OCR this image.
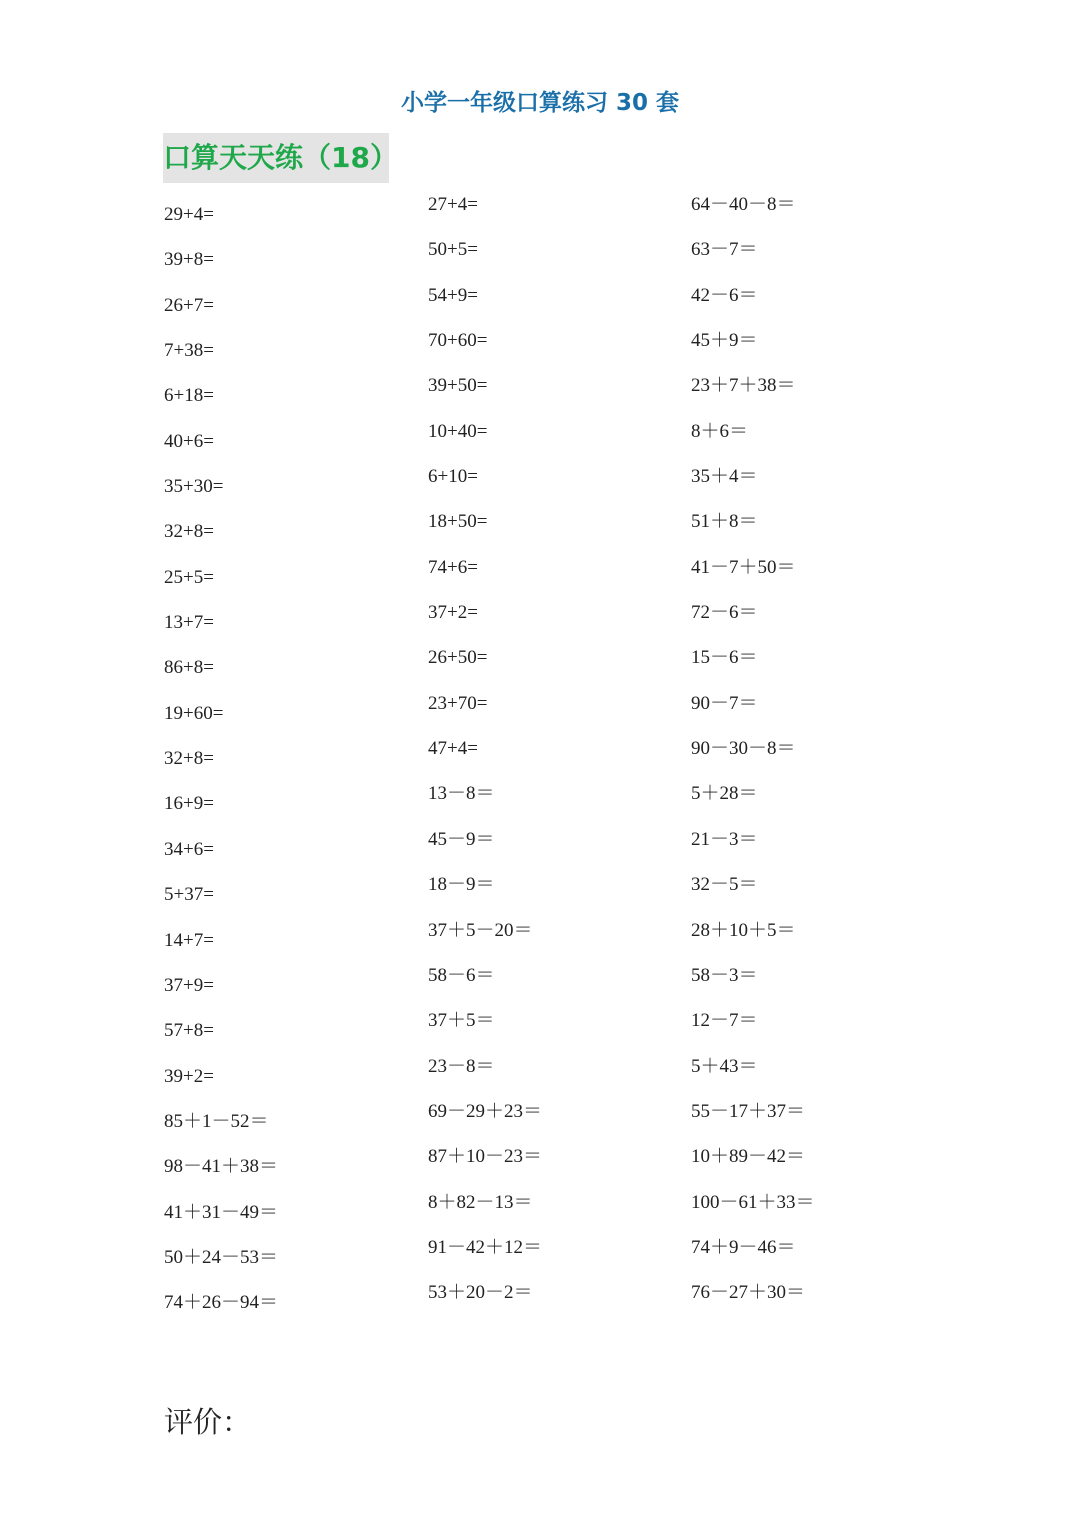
小学一年级口算练习 30 套
口算天天练（18）
29+4=
39+8=
26+7=
7+38=
6+18=
40+6=
35+30=
32+8=
25+5=
13+7=
86+8=
19+60=
32+8=
16+9=
34+6=
5+37=
14+7=
37+9=
57+8=
39+2=
85＋1－52＝
98－41＋38＝
41＋31－49＝
50＋24－53＝
74＋26－94＝
27+4=
50+5=
54+9=
70+60=
39+50=
10+40=
6+10=
18+50=
74+6=
37+2=
26+50=
23+70=
47+4=
13－8＝
45－9＝
18－9＝
37＋5－20＝
58－6＝
37＋5＝
23－8＝
69－29＋23＝
87＋10－23＝
8＋82－13＝
91－42＋12＝
53＋20－2＝
64－40－8＝
63－7＝
42－6＝
45＋9＝
23＋7＋38＝
8＋6＝
35＋4＝
51＋8＝
41－7＋50＝
72－6＝
15－6＝
90－7＝
90－30－8＝
5＋28＝
21－3＝
32－5＝
28＋10＋5＝
58－3＝
12－7＝
5＋43＝
55－17＋37＝
10＋89－42＝
100－61＋33＝
74＋9－46＝
76－27＋30＝
评价：
